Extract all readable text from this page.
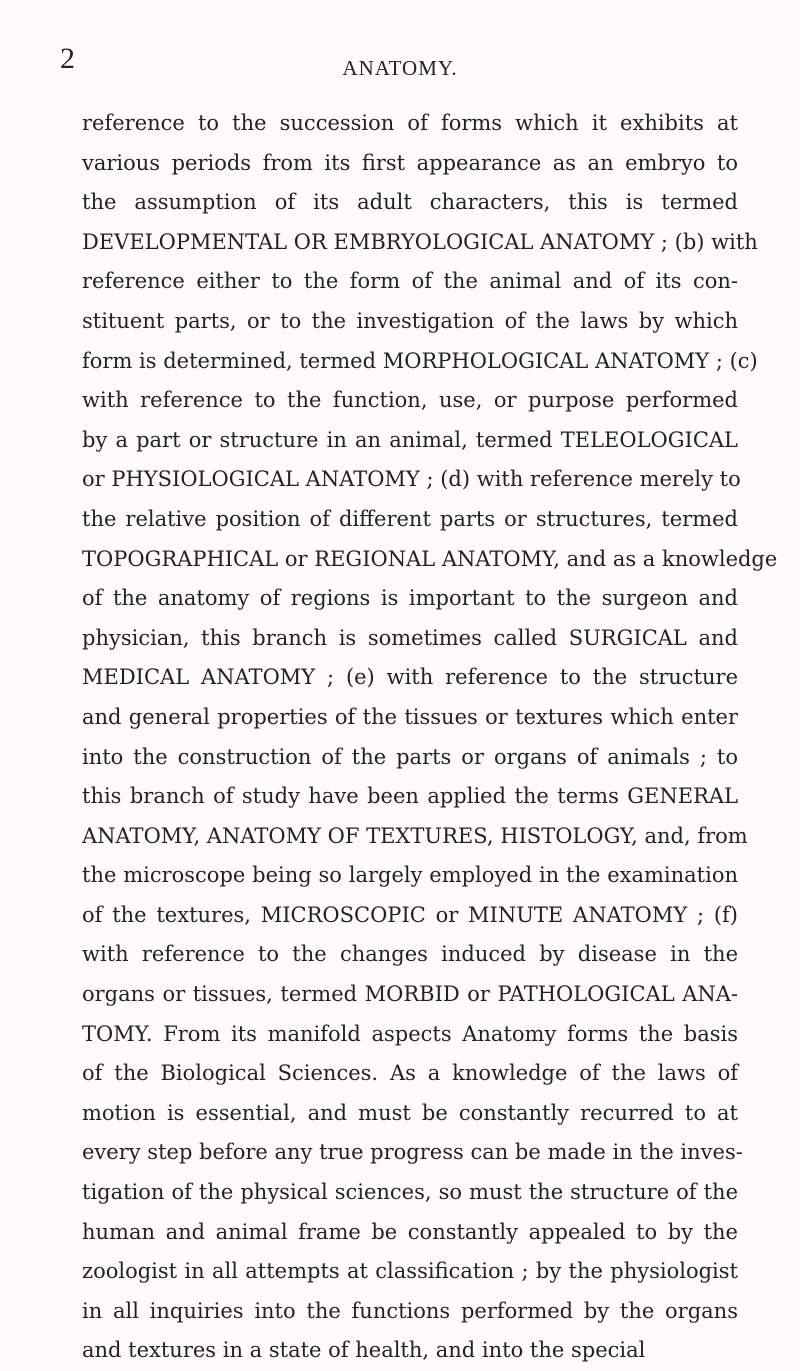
2	ANATOMY.
reference to the succession of forms which it exhibits at
various periods from its first appearance as an embryo to
the assumption of its adult characters, this is termed
DEVELOPMENTAL OR EMBRYOLOGICAL ANATOMY ; (b) with
reference either to the form of the animal and of its con-
stituent parts, or to the investigation of the laws by which
form is determined, termed MORPHOLOGICAL ANATOMY ; (c)
with reference to the function, use, or purpose performed
by a part or structure in an animal, termed TELEOLOGICAL
or PHYSIOLOGICAL ANATOMY ; (d) with reference merely to
the relative position of different parts or structures, termed
TOPOGRAPHICAL or REGIONAL ANATOMY, and as a knowledge
of the anatomy of regions is important to the surgeon and
physician, this branch is sometimes called SURGICAL and
MEDICAL ANATOMY ; (e) with reference to the structure
and general properties of the tissues or textures which enter
into the construction of the parts or organs of animals ; to
this branch of study have been applied the terms GENERAL
ANATOMY, ANATOMY OF TEXTURES, HISTOLOGY, and, from
the microscope being so largely employed in the examination
of the textures, MICROSCOPIC or MINUTE ANATOMY ; (f)
with reference to the changes induced by disease in the
organs or tissues, termed MORBID or PATHOLOGICAL ANA-
TOMY. From its manifold aspects Anatomy forms the basis
of the Biological Sciences. As a knowledge of the laws of
motion is essential, and must be constantly recurred to at
every step before any true progress can be made in the inves-
tigation of the physical sciences, so must the structure of the
human and animal frame be constantly appealed to by the
zoologist in all attempts at classification ; by the physiologist
in all inquiries into the functions performed by the organs
and textures in a state of health, and into the special
